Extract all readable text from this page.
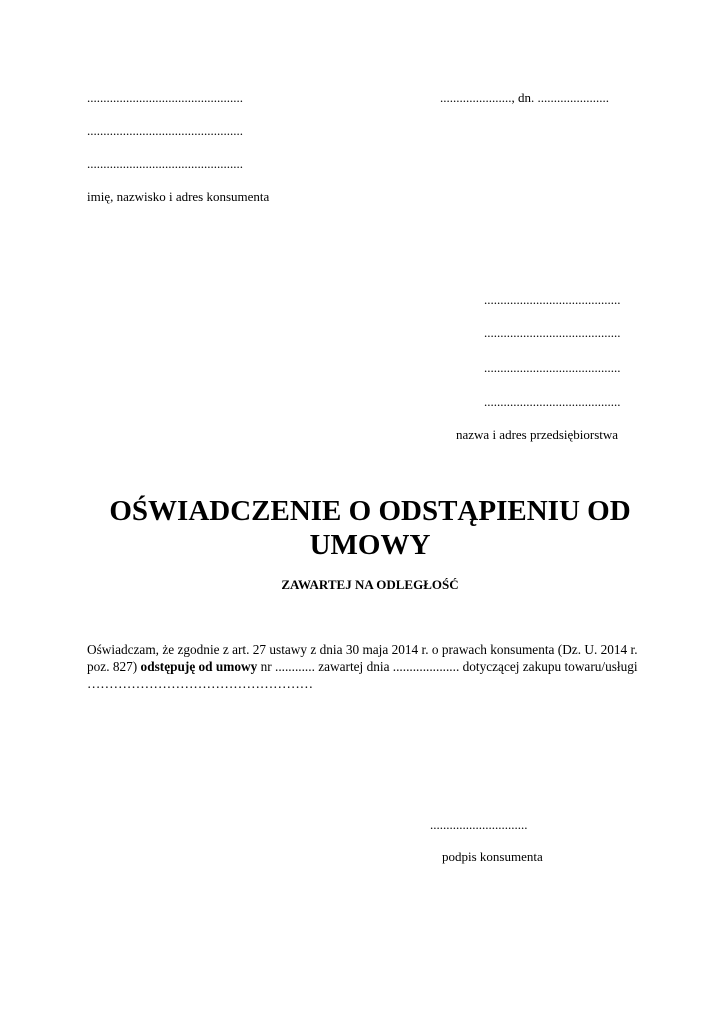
................................................
................................................
................................................
imię, nazwisko i adres konsumenta
......................, dn. ......................
..........................................
..........................................
..........................................
..........................................
nazwa i adres przedsiębiorstwa
OŚWIADCZENIE O ODSTĄPIENIU OD
UMOWY
ZAWARTEJ NA ODLEGŁOŚĆ
Oświadczam, że zgodnie z art. 27 ustawy z dnia 30 maja 2014 r. o prawach konsumenta (Dz. U. 2014 r. poz. 827) odstępuję od umowy nr ............ zawartej dnia .................... dotyczącej zakupu towaru/usługi ……………………………………………
..............................
podpis konsumenta
